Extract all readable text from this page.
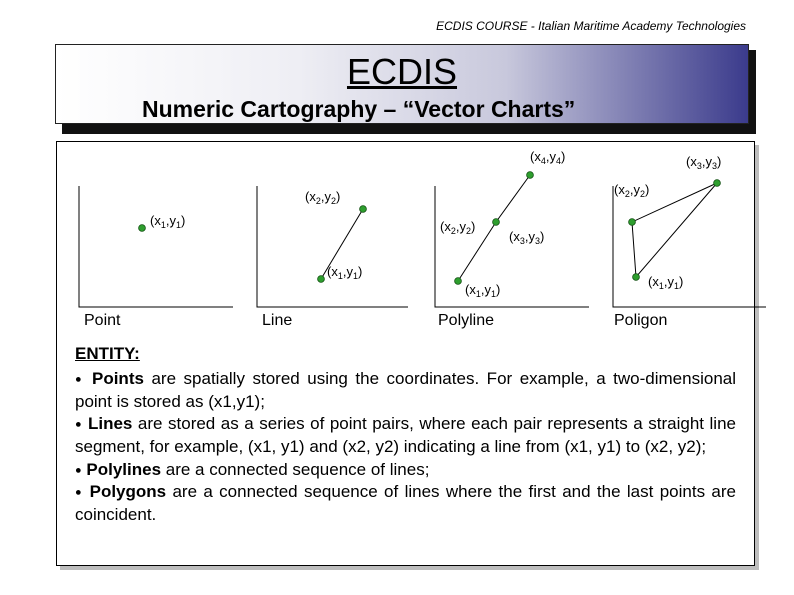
ECDIS COURSE - Italian Maritime Academy Technologies
ECDIS
Numeric Cartography – “Vector Charts”
$(x_1,y_1)$
$(x_1,y_1)$
$(x_2,y_2)$
$(x_1,y_1)$
$(x_2,y_2)$
$(x_3,y_3)$
$(x_4,y_4)$
$(x_1,y_1)$
$(x_2,y_2)$
$(x_3,y_3)$
Point	Line	Polyline	Poligon
ENTITY:

● Points are spatially stored using the coordinates. For example, a two-dimensional point is stored as (x1,y1);

● Lines are stored as a series of point pairs, where each pair represents a straight line segment, for example, (x1, y1) and (x2, y2) indicating a line from (x1, y1) to (x2, y2);

● Polylines are a connected sequence of lines;

● Polygons are a connected sequence of lines where the first and the last points are coincident.
